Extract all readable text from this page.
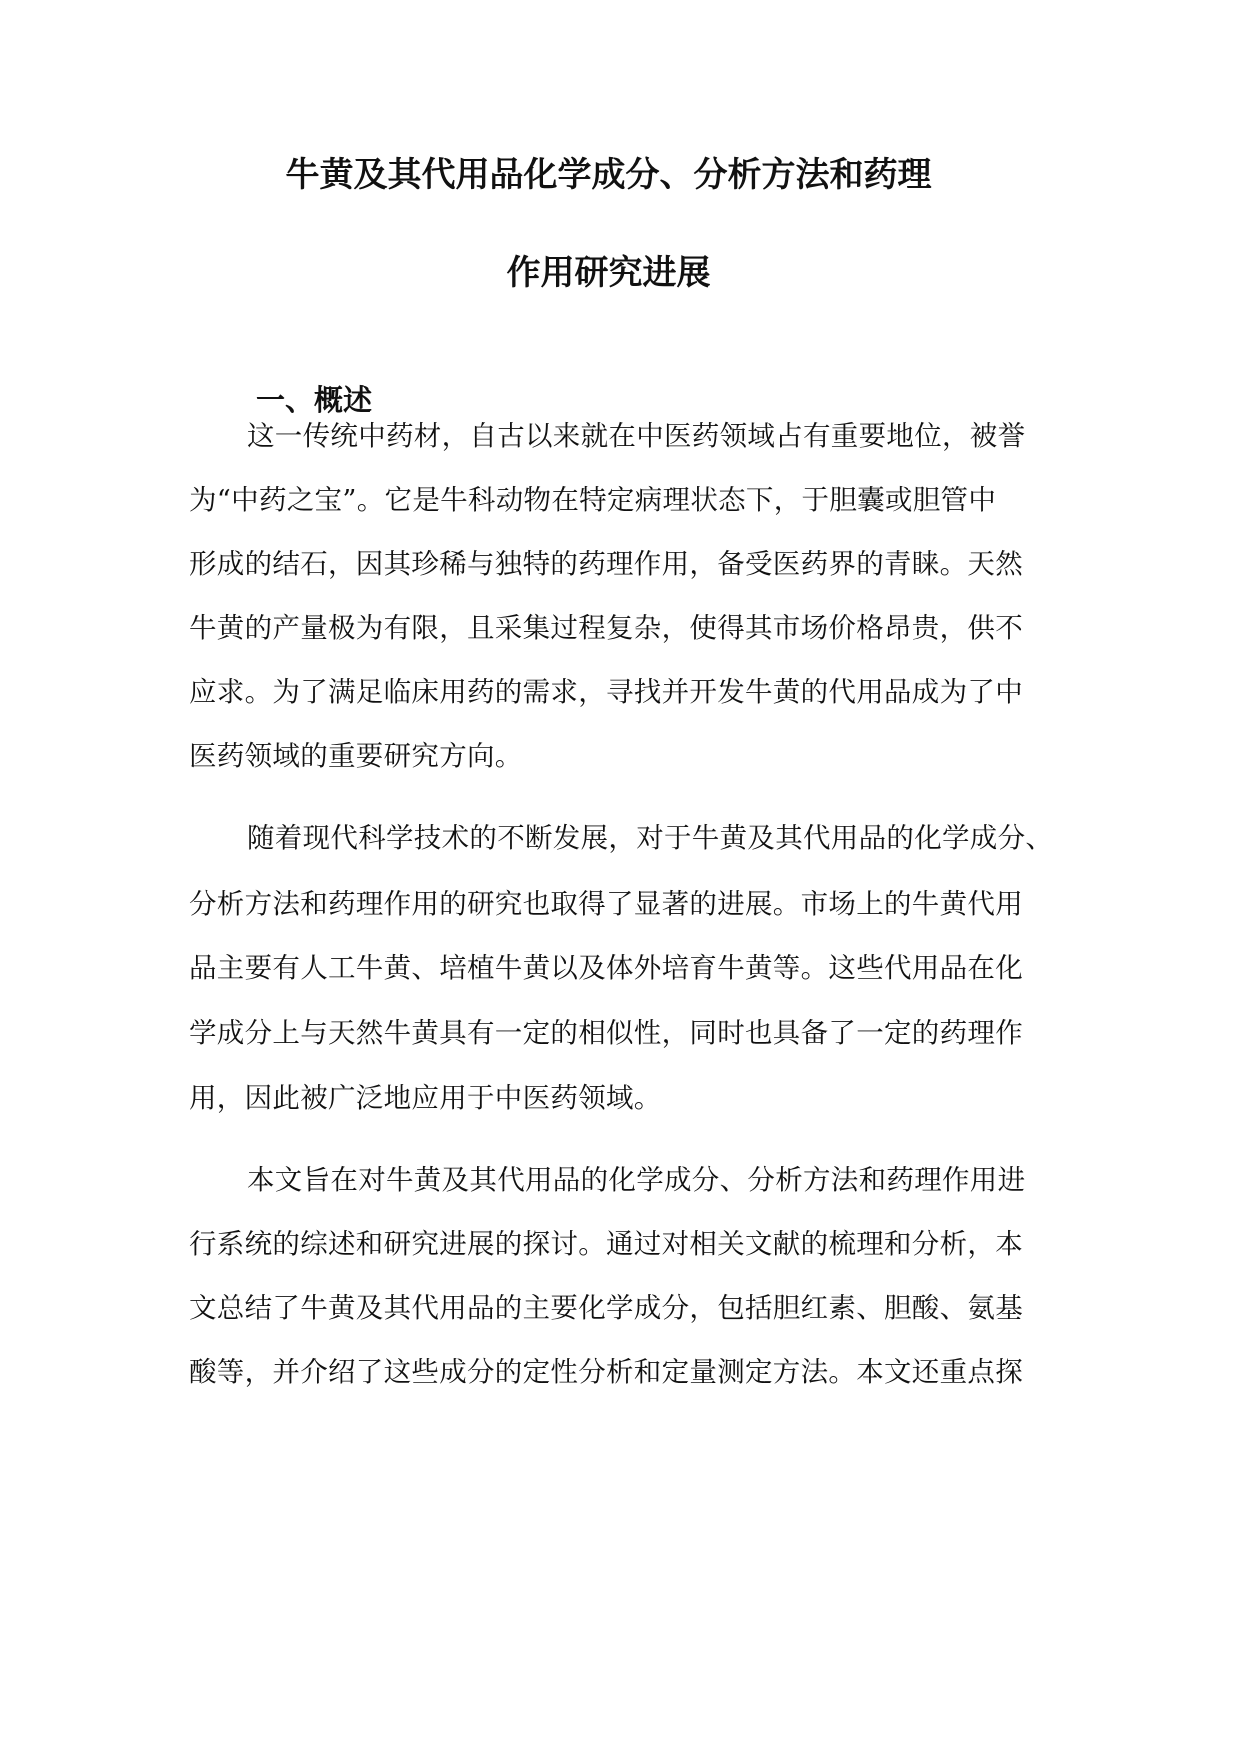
牛黄及其代用品化学成分、分析方法和药理
作用研究进展
一、概述

这一传统中药材，自古以来就在中医药领域占有重要地位，被誉

为“中药之宝”。它是牛科动物在特定病理状态下，于胆囊或胆管中

形成的结石，因其珍稀与独特的药理作用，备受医药界的青睐。天然

牛黄的产量极为有限，且采集过程复杂，使得其市场价格昂贵，供不

应求。为了满足临床用药的需求，寻找并开发牛黄的代用品成为了中

医药领域的重要研究方向。

随着现代科学技术的不断发展，对于牛黄及其代用品的化学成分、

分析方法和药理作用的研究也取得了显著的进展。市场上的牛黄代用

品主要有人工牛黄、培植牛黄以及体外培育牛黄等。这些代用品在化

学成分上与天然牛黄具有一定的相似性，同时也具备了一定的药理作

用，因此被广泛地应用于中医药领域。

本文旨在对牛黄及其代用品的化学成分、分析方法和药理作用进

行系统的综述和研究进展的探讨。通过对相关文献的梳理和分析，本

文总结了牛黄及其代用品的主要化学成分，包括胆红素、胆酸、氨基

酸等，并介绍了这些成分的定性分析和定量测定方法。本文还重点探
